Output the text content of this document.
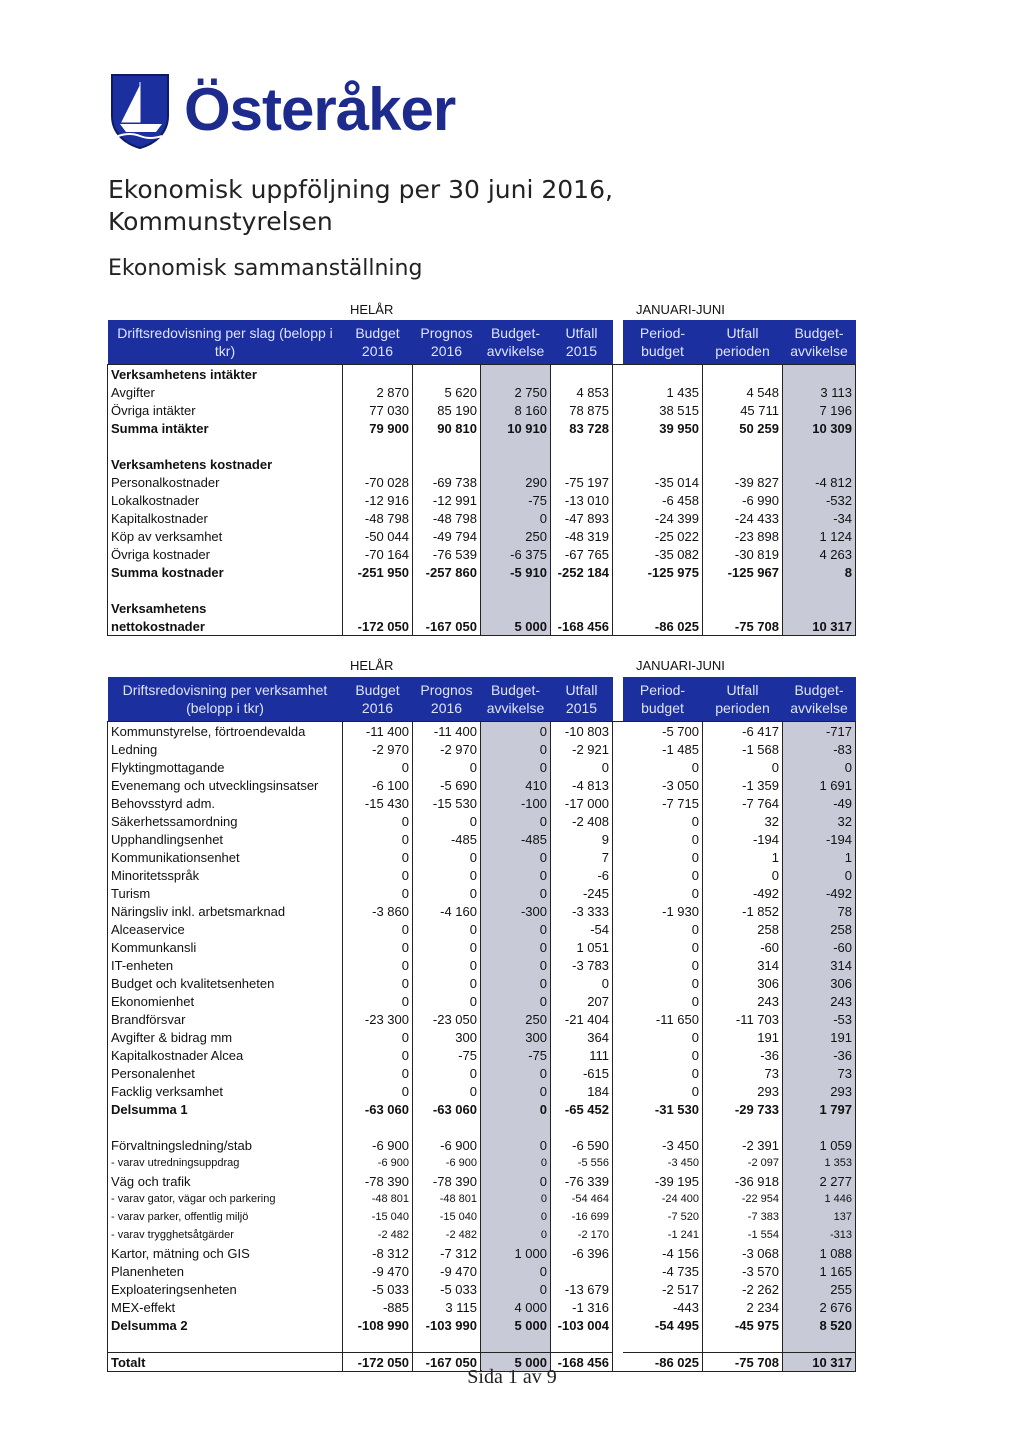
Österåker
Ekonomisk uppföljning per 30 juni 2016,
Kommunstyrelsen
Ekonomisk sammanställning
HELÅR	JANUARI-JUNI
Driftsredovisning per slag (belopp i tkr)	Budget 2016	Prognos 2016	Budget- avvikelse	Utfall 2015		Period- budget	Utfall perioden	Budget- avvikelse
Verksamhetens intäkter								
Avgifter	2 870	5 620	2 750	4 853		1 435	4 548	3 113
Övriga intäkter	77 030	85 190	8 160	78 875		38 515	45 711	7 196
Summa intäkter	79 900	90 810	10 910	83 728		39 950	50 259	10 309

Verksamhetens kostnader								
Personalkostnader	-70 028	-69 738	290	-75 197		-35 014	-39 827	-4 812
Lokalkostnader	-12 916	-12 991	-75	-13 010		-6 458	-6 990	-532
Kapitalkostnader	-48 798	-48 798	0	-47 893		-24 399	-24 433	-34
Köp av verksamhet	-50 044	-49 794	250	-48 319		-25 022	-23 898	1 124
Övriga kostnader	-70 164	-76 539	-6 375	-67 765		-35 082	-30 819	4 263
Summa kostnader	-251 950	-257 860	-5 910	-252 184		-125 975	-125 967	8

Verksamhetens								
nettokostnader	-172 050	-167 050	5 000	-168 456		-86 025	-75 708	10 317
HELÅR	JANUARI-JUNI
Driftsredovisning per verksamhet (belopp i tkr)	Budget 2016	Prognos 2016	Budget- avvikelse	Utfall 2015		Period- budget	Utfall perioden	Budget- avvikelse
Kommunstyrelse, förtroendevalda	-11 400	-11 400	0	-10 803		-5 700	-6 417	-717
Ledning	-2 970	-2 970	0	-2 921		-1 485	-1 568	-83
Flyktingmottagande	0	0	0	0		0	0	0
Evenemang och utvecklingsinsatser	-6 100	-5 690	410	-4 813		-3 050	-1 359	1 691
Behovsstyrd adm.	-15 430	-15 530	-100	-17 000		-7 715	-7 764	-49
Säkerhetssamordning	0	0	0	-2 408		0	32	32
Upphandlingsenhet	0	-485	-485	9		0	-194	-194
Kommunikationsenhet	0	0	0	7		0	1	1
Minoritetsspråk	0	0	0	-6		0	0	0
Turism	0	0	0	-245		0	-492	-492
Näringsliv inkl. arbetsmarknad	-3 860	-4 160	-300	-3 333		-1 930	-1 852	78
Alceaservice	0	0	0	-54		0	258	258
Kommunkansli	0	0	0	1 051		0	-60	-60
IT-enheten	0	0	0	-3 783		0	314	314
Budget och kvalitetsenheten	0	0	0	0		0	306	306
Ekonomienhet	0	0	0	207		0	243	243
Brandförsvar	-23 300	-23 050	250	-21 404		-11 650	-11 703	-53
Avgifter & bidrag mm	0	300	300	364		0	191	191
Kapitalkostnader Alcea	0	-75	-75	111		0	-36	-36
Personalenhet	0	0	0	-615		0	73	73
Facklig verksamhet	0	0	0	184		0	293	293
Delsumma 1	-63 060	-63 060	0	-65 452		-31 530	-29 733	1 797

Förvaltningsledning/stab	-6 900	-6 900	0	-6 590		-3 450	-2 391	1 059
- varav utredningsuppdrag	-6 900	-6 900	0	-5 556		-3 450	-2 097	1 353
Väg och trafik	-78 390	-78 390	0	-76 339		-39 195	-36 918	2 277
- varav gator, vägar och parkering	-48 801	-48 801	0	-54 464		-24 400	-22 954	1 446
- varav parker, offentlig miljö	-15 040	-15 040	0	-16 699		-7 520	-7 383	137
- varav trygghetsåtgärder	-2 482	-2 482	0	-2 170		-1 241	-1 554	-313
Kartor, mätning och GIS	-8 312	-7 312	1 000	-6 396		-4 156	-3 068	1 088
Planenheten	-9 470	-9 470	0			-4 735	-3 570	1 165
Exploateringsenheten	-5 033	-5 033	0	-13 679		-2 517	-2 262	255
MEX-effekt	-885	3 115	4 000	-1 316		-443	2 234	2 676
Delsumma 2	-108 990	-103 990	5 000	-103 004		-54 495	-45 975	8 520

Totalt	-172 050	-167 050	5 000	-168 456		-86 025	-75 708	10 317
Sida 1 av 9
